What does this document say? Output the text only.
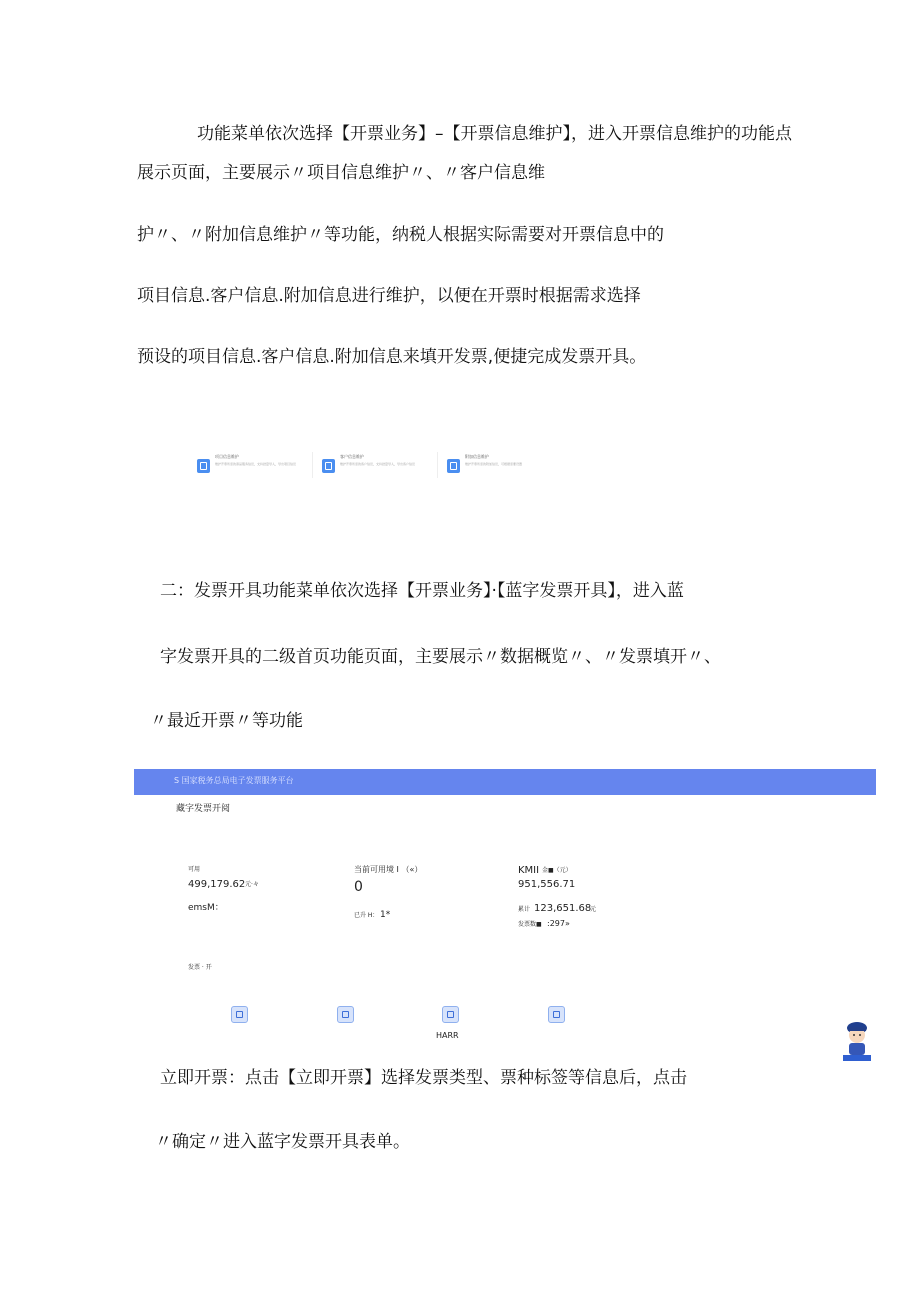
功能菜单依次选择【开票业务】–【开票信息维护】，进入开票信息维护的功能点
展示页面，主要展示〃项目信息维护〃、〃客户信息维
护〃、〃附加信息维护〃等功能，纳税人根据实际需要对开票信息中的
项目信息.客户信息.附加信息进行维护，以便在开票时根据需求选择
预设的项目信息.客户信息.附加信息来填开发票,便捷完成发票开具。
项目信息维护
维护开票所需的商品服务信息，支持批量导入，导出项目信息
客户信息维护
维护开票所需的客户信息，支持批量导入，导出客户信息
附加信息维护
维护开票所需的附加信息，可根据需要设置
二：发票开具功能菜单依次选择【开票业务】·【蓝字发票开具】，进入蓝
字发票开具的二级首页功能页面，主要展示〃数据概览〃、〃发票填开〃、
〃最近开票〃等功能
S 国家税务总局电子发票服务平台
藏字发票开阅
可用
499,179.62 元·々
emsM：
当前可用境 I （«）
0
已升 H： 1*
KMII 金■（元）
951,556.71
累计 123,651.68
元
发票数■ :297»
发票 · 开
HARR
立即开票：点击【立即开票】选择发票类型、票种标签等信息后，点击
〃确定〃进入蓝字发票开具表单。
